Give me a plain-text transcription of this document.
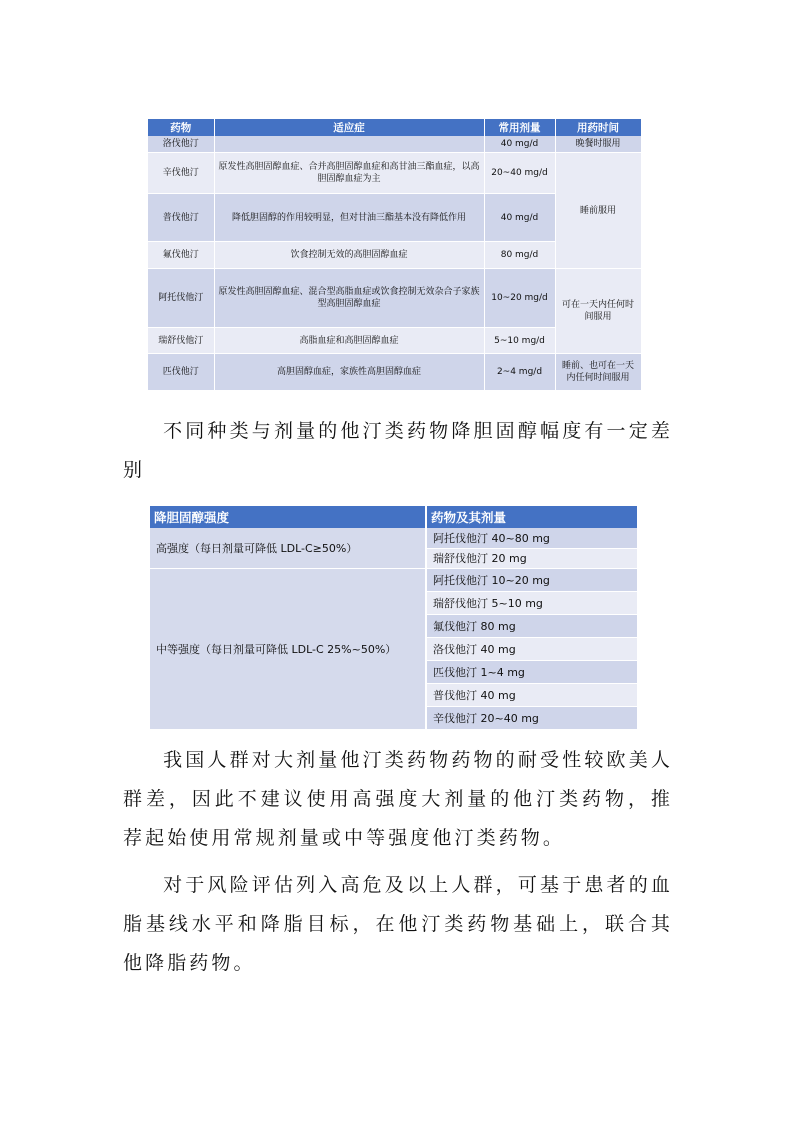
药物	适应症	常用剂量	用药时间
洛伐他汀		40 mg/d	晚餐时服用
辛伐他汀	原发性高胆固醇血症、合并高胆固醇血症和高甘油三酯血症，以高胆固醇血症为主	20~40 mg/d	睡前服用
普伐他汀	降低胆固醇的作用较明显，但对甘油三酯基本没有降低作用	40 mg/d	
氟伐他汀	饮食控制无效的高胆固醇血症	80 mg/d	
阿托伐他汀	原发性高胆固醇血症、混合型高脂血症或饮食控制无效杂合子家族型高胆固醇血症	10~20 mg/d	可在一天内任何时间服用
瑞舒伐他汀	高脂血症和高胆固醇血症	5~10 mg/d	
匹伐他汀	高胆固醇血症，家族性高胆固醇血症	2~4 mg/d	睡前、也可在一天内任何时间服用

不同种类与剂量的他汀类药物降胆固醇幅度有一定差别

降胆固醇强度	药物及其剂量
高强度（每日剂量可降低 LDL-C≥50%）	阿托伐他汀 40~80 mg
	瑞舒伐他汀 20 mg
中等强度（每日剂量可降低 LDL-C 25%~50%）	阿托伐他汀 10~20 mg
	瑞舒伐他汀 5~10 mg
	氟伐他汀 80 mg
	洛伐他汀 40 mg
	匹伐他汀 1~4 mg
	普伐他汀 40 mg
	辛伐他汀 20~40 mg

我国人群对大剂量他汀类药物药物的耐受性较欧美人群差，因此不建议使用高强度大剂量的他汀类药物，推荐起始使用常规剂量或中等强度他汀类药物。

对于风险评估列入高危及以上人群，可基于患者的血脂基线水平和降脂目标，在他汀类药物基础上，联合其他降脂药物。
